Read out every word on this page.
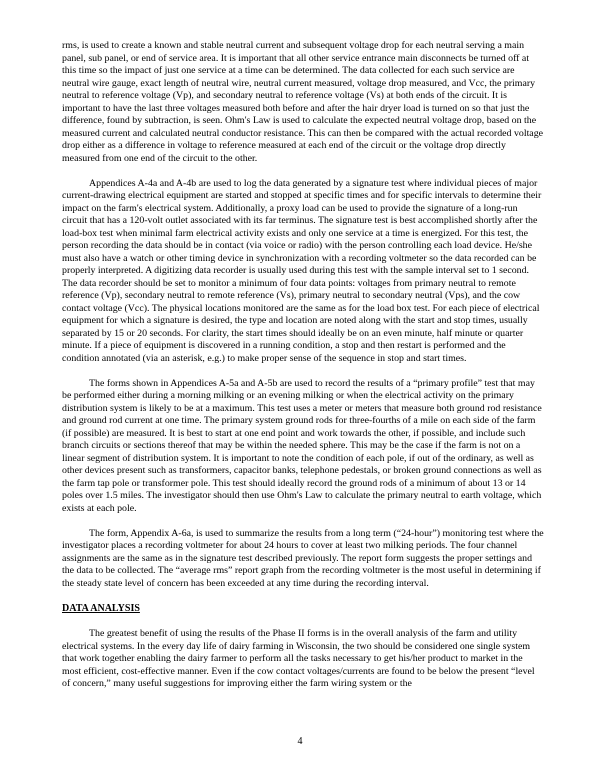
rms, is used to create a known and stable neutral current and subsequent voltage drop for each neutral serving a main panel, sub panel, or end of service area. It is important that all other service entrance main disconnects be turned off at this time so the impact of just one service at a time can be determined. The data collected for each such service are neutral wire gauge, exact length of neutral wire, neutral current measured, voltage drop measured, and Vcc, the primary neutral to reference voltage (Vp), and secondary neutral to reference voltage (Vs) at both ends of the circuit. It is important to have the last three voltages measured both before and after the hair dryer load is turned on so that just the difference, found by subtraction, is seen. Ohm's Law is used to calculate the expected neutral voltage drop, based on the measured current and calculated neutral conductor resistance. This can then be compared with the actual recorded voltage drop either as a difference in voltage to reference measured at each end of the circuit or the voltage drop directly measured from one end of the circuit to the other.

Appendices A-4a and A-4b are used to log the data generated by a signature test where individual pieces of major current-drawing electrical equipment are started and stopped at specific times and for specific intervals to determine their impact on the farm's electrical system. Additionally, a proxy load can be used to provide the signature of a long-run circuit that has a 120-volt outlet associated with its far terminus. The signature test is best accomplished shortly after the load-box test when minimal farm electrical activity exists and only one service at a time is energized. For this test, the person recording the data should be in contact (via voice or radio) with the person controlling each load device. He/she must also have a watch or other timing device in synchronization with a recording voltmeter so the data recorded can be properly interpreted. A digitizing data recorder is usually used during this test with the sample interval set to 1 second. The data recorder should be set to monitor a minimum of four data points: voltages from primary neutral to remote reference (Vp), secondary neutral to remote reference (Vs), primary neutral to secondary neutral (Vps), and the cow contact voltage (Vcc). The physical locations monitored are the same as for the load box test. For each piece of electrical equipment for which a signature is desired, the type and location are noted along with the start and stop times, usually separated by 15 or 20 seconds. For clarity, the start times should ideally be on an even minute, half minute or quarter minute. If a piece of equipment is discovered in a running condition, a stop and then restart is performed and the condition annotated (via an asterisk, e.g.) to make proper sense of the sequence in stop and start times.

The forms shown in Appendices A-5a and A-5b are used to record the results of a “primary profile” test that may be performed either during a morning milking or an evening milking or when the electrical activity on the primary distribution system is likely to be at a maximum. This test uses a meter or meters that measure both ground rod resistance and ground rod current at one time. The primary system ground rods for three-fourths of a mile on each side of the farm (if possible) are measured. It is best to start at one end point and work towards the other, if possible, and include such branch circuits or sections thereof that may be within the needed sphere. This may be the case if the farm is not on a linear segment of distribution system. It is important to note the condition of each pole, if out of the ordinary, as well as other devices present such as transformers, capacitor banks, telephone pedestals, or broken ground connections as well as the farm tap pole or transformer pole. This test should ideally record the ground rods of a minimum of about 13 or 14 poles over 1.5 miles. The investigator should then use Ohm's Law to calculate the primary neutral to earth voltage, which exists at each pole.

The form, Appendix A-6a, is used to summarize the results from a long term (“24-hour”) monitoring test where the investigator places a recording voltmeter for about 24 hours to cover at least two milking periods. The four channel assignments are the same as in the signature test described previously. The report form suggests the proper settings and the data to be collected. The “average rms” report graph from the recording voltmeter is the most useful in determining if the steady state level of concern has been exceeded at any time during the recording interval.

DATA ANALYSIS

The greatest benefit of using the results of the Phase II forms is in the overall analysis of the farm and utility electrical systems. In the every day life of dairy farming in Wisconsin, the two should be considered one single system that work together enabling the dairy farmer to perform all the tasks necessary to get his/her product to market in the most efficient, cost-effective manner. Even if the cow contact voltages/currents are found to be below the present “level of concern,” many useful suggestions for improving either the farm wiring system or the

4
